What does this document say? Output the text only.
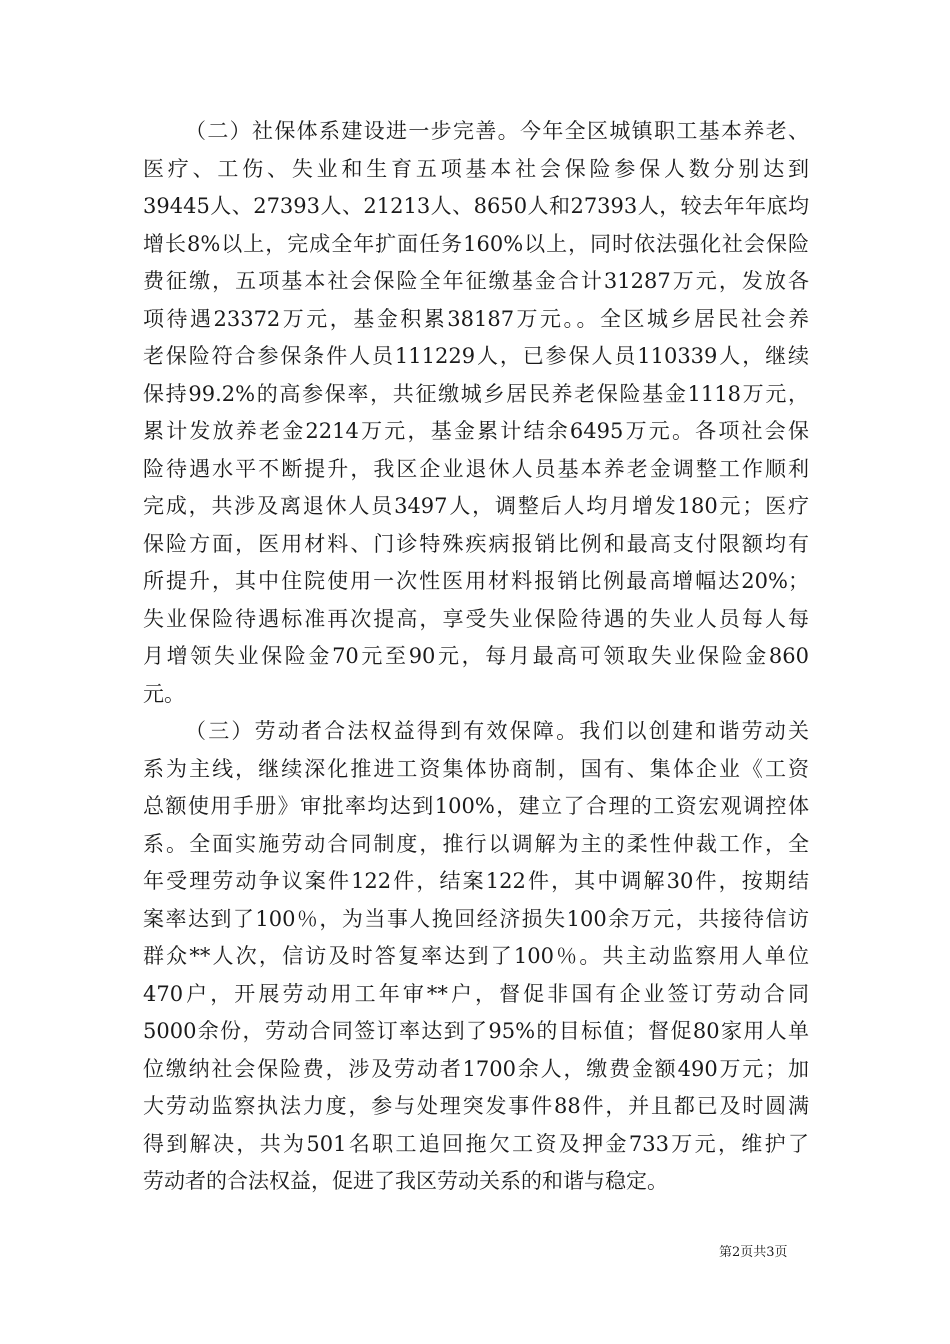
（二）社保体系建设进一步完善。今年全区城镇职工基本养老、
医疗、工伤、失业和生育五项基本社会保险参保人数分别达到
39445人、27393人、21213人、8650人和27393人，较去年年底均
增长8%以上，完成全年扩面任务160%以上，同时依法强化社会保险
费征缴，五项基本社会保险全年征缴基金合计31287万元，发放各
项待遇23372万元，基金积累38187万元。。全区城乡居民社会养
老保险符合参保条件人员111229人，已参保人员110339人，继续
保持99.2%的高参保率，共征缴城乡居民养老保险基金1118万元，
累计发放养老金2214万元，基金累计结余6495万元。各项社会保
险待遇水平不断提升，我区企业退休人员基本养老金调整工作顺利
完成，共涉及离退休人员3497人，调整后人均月增发180元；医疗
保险方面，医用材料、门诊特殊疾病报销比例和最高支付限额均有
所提升，其中住院使用一次性医用材料报销比例最高增幅达20%；
失业保险待遇标准再次提高，享受失业保险待遇的失业人员每人每
月增领失业保险金70元至90元，每月最高可领取失业保险金860
元。
（三）劳动者合法权益得到有效保障。我们以创建和谐劳动关
系为主线，继续深化推进工资集体协商制，国有、集体企业《工资
总额使用手册》审批率均达到100%，建立了合理的工资宏观调控体
系。全面实施劳动合同制度，推行以调解为主的柔性仲裁工作，全
年受理劳动争议案件122件，结案122件，其中调解30件，按期结
案率达到了100％，为当事人挽回经济损失100余万元，共接待信访
群众**人次，信访及时答复率达到了100％。共主动监察用人单位
470户，开展劳动用工年审**户，督促非国有企业签订劳动合同
5000余份，劳动合同签订率达到了95%的目标值；督促80家用人单
位缴纳社会保险费，涉及劳动者1700余人，缴费金额490万元；加
大劳动监察执法力度，参与处理突发事件88件，并且都已及时圆满
得到解决，共为501名职工追回拖欠工资及押金733万元，维护了
劳动者的合法权益，促进了我区劳动关系的和谐与稳定。
第2页共3页
